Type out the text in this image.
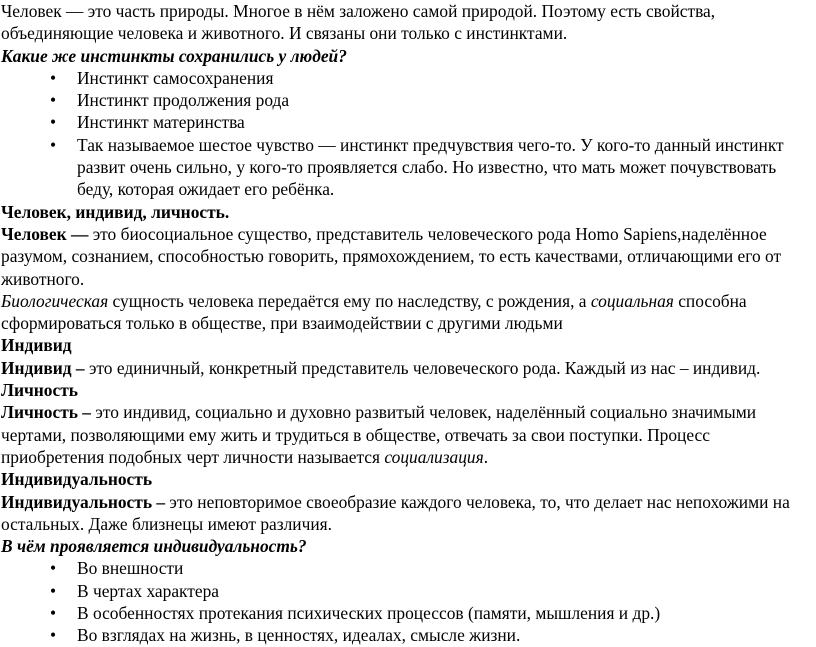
Человек — это часть природы. Многое в нём заложено самой природой. Поэтому есть свойства, объединяющие человека и животного. И связаны они только с инстинктами.

Какие же инстинкты сохранились у людей?

• Инстинкт самосохранения
• Инстинкт продолжения рода
• Инстинкт материнства
• Так называемое шестое чувство — инстинкт предчувствия чего-то. У кого-то данный инстинкт развит очень сильно, у кого-то проявляется слабо. Но известно, что мать может почувствовать беду, которая ожидает его ребёнка.

Человек, индивид, личность.

Человек — это биосоциальное существо, представитель человеческого рода Homo Sapiens,наделённое разумом, сознанием, способностью говорить, прямохождением, то есть качествами, отличающими его от животного.

Биологическая сущность человека передаётся ему по наследству, с рождения, а социальная способна сформироваться только в обществе, при взаимодействии с другими людьми

Индивид

Индивид – это единичный, конкретный представитель человеческого рода. Каждый из нас – индивид.

Личность

Личность – это индивид, социально и духовно развитый человек, наделённый социально значимыми чертами, позволяющими ему жить и трудиться в обществе, отвечать за свои поступки. Процесс приобретения подобных черт личности называется социализация.

Индивидуальность

Индивидуальность – это неповторимое своеобразие каждого человека, то, что делает нас непохожими на остальных. Даже близнецы имеют различия.

В чём проявляется индивидуальность?

• Во внешности
• В чертах характера
• В особенностях протекания психических процессов (памяти, мышления и др.)
• Во взглядах на жизнь, в ценностях, идеалах, смысле жизни.
